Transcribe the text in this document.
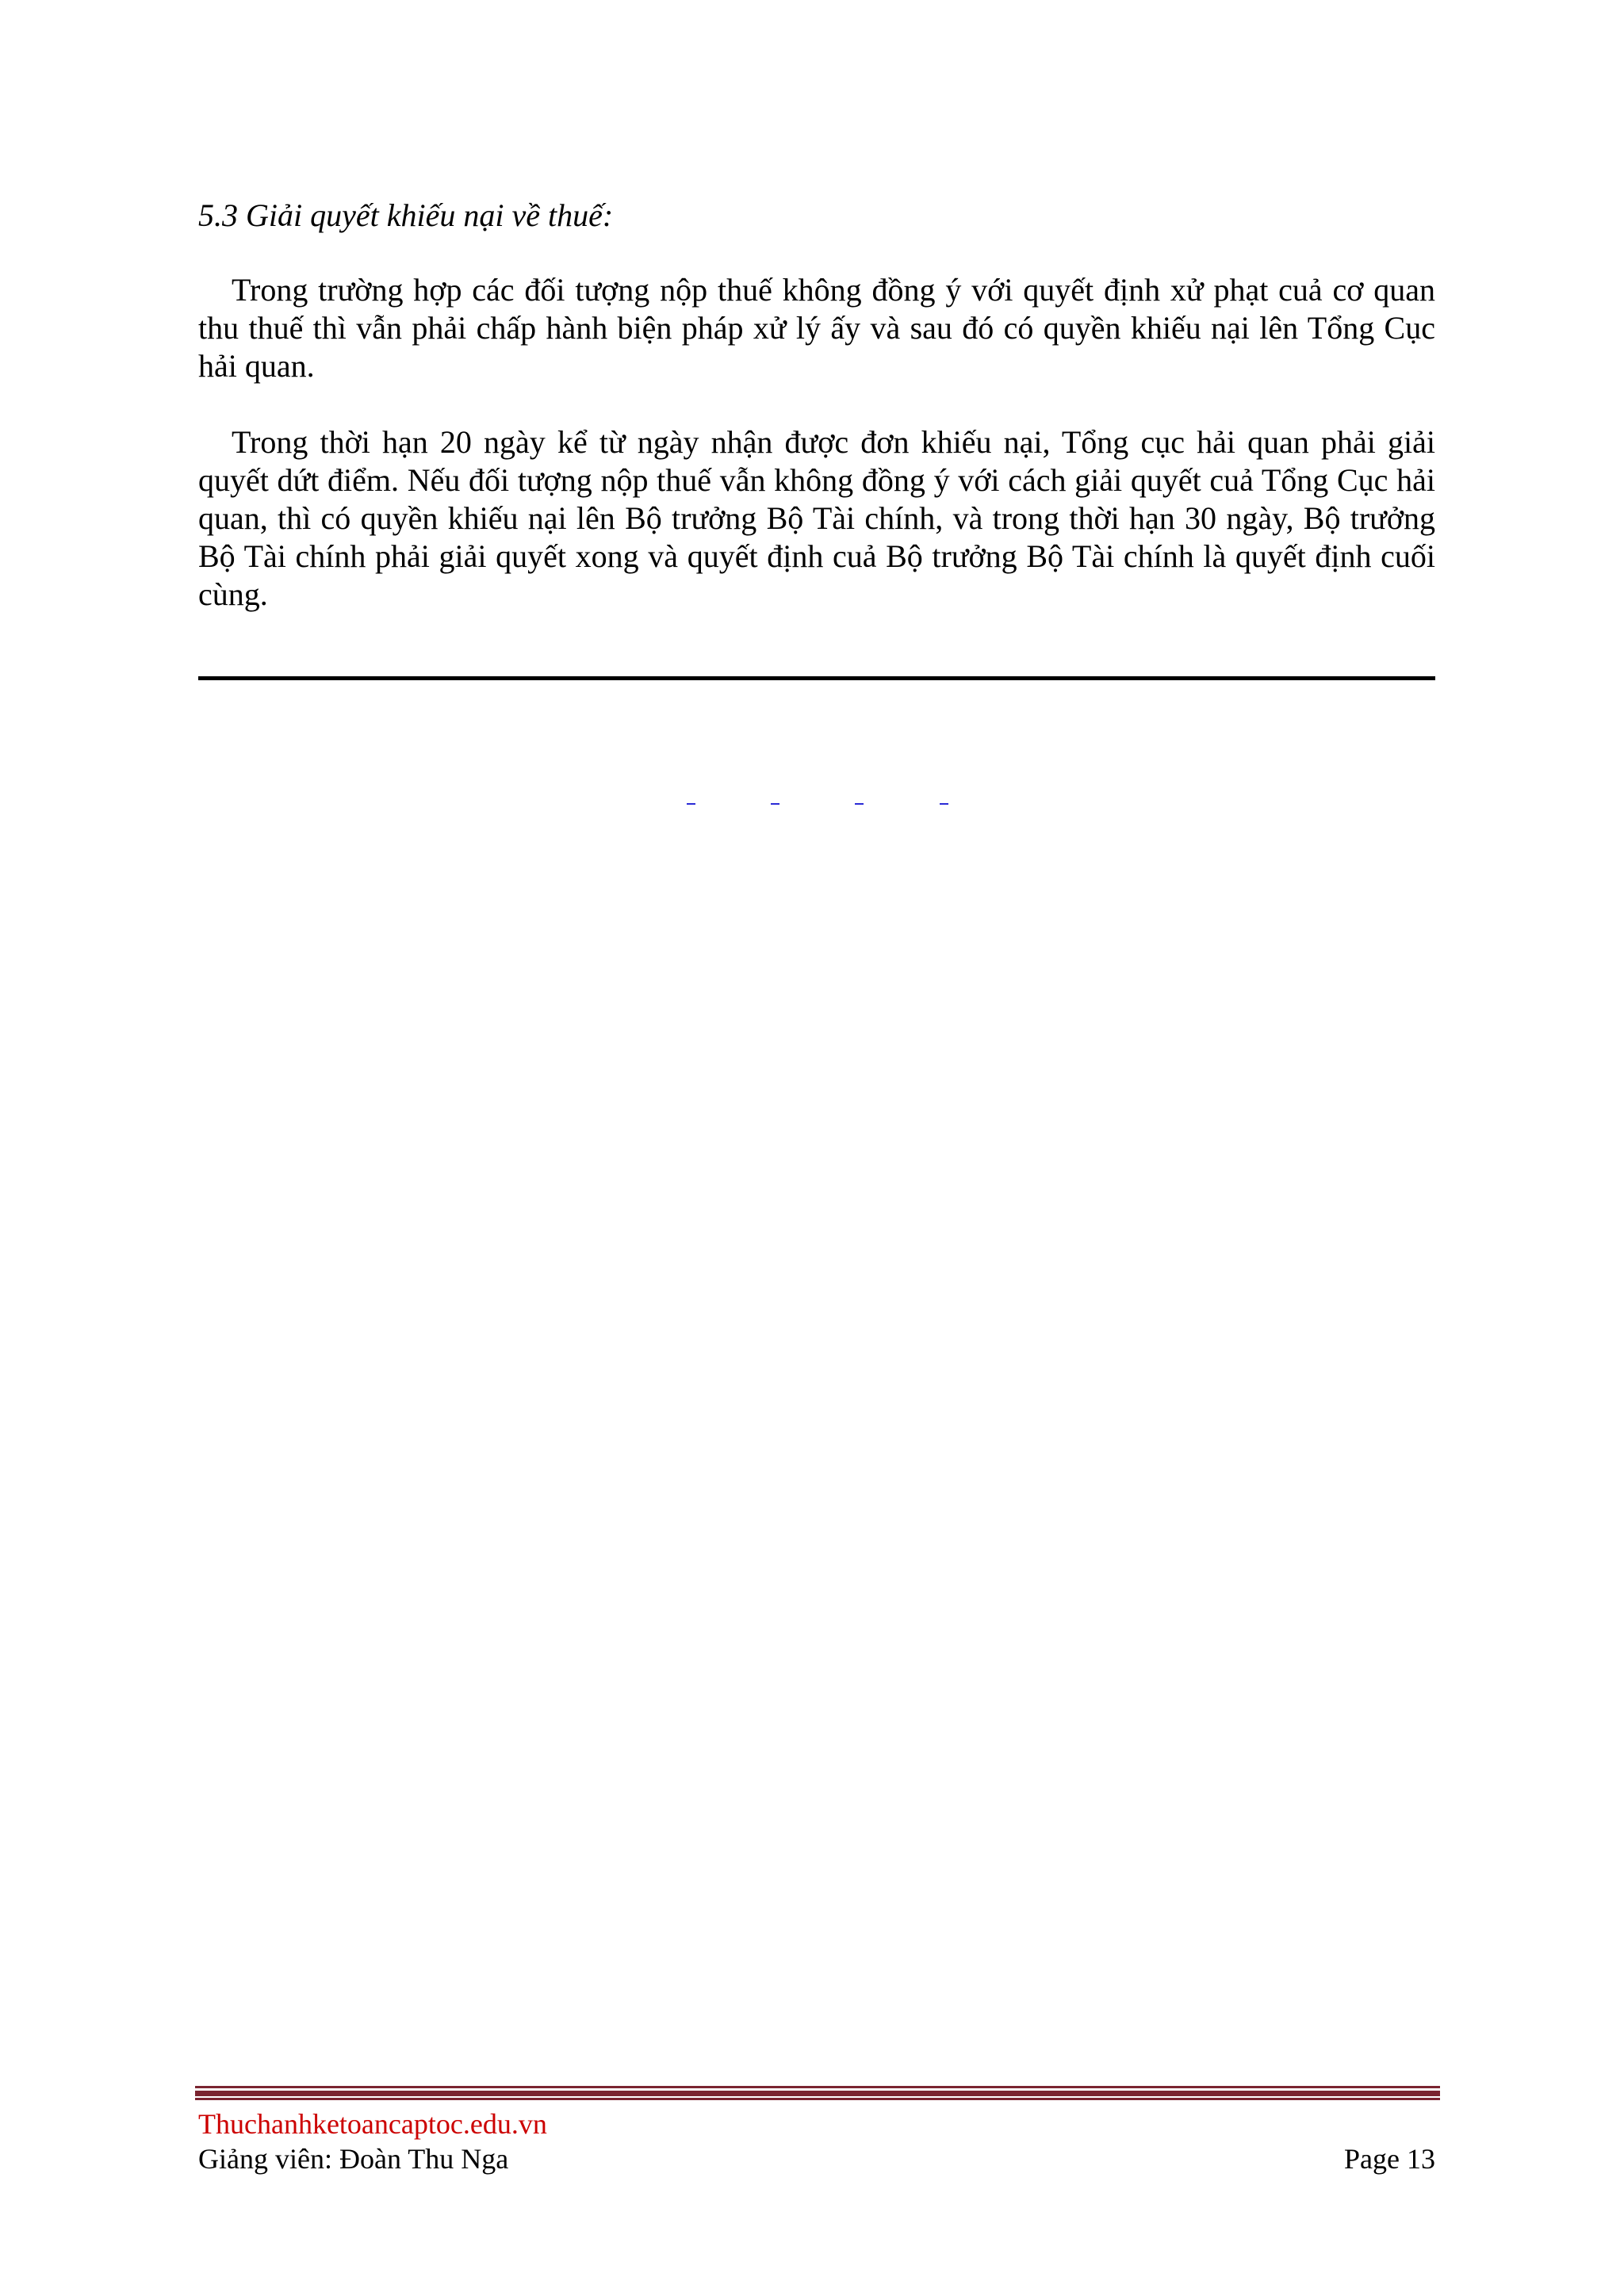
5.3 Giải quyết khiếu nại về thuế:

Trong trường hợp các đối tượng nộp thuế không đồng ý với quyết định xử phạt cuả cơ quan thu thuế thì vẫn phải chấp hành biện pháp xử lý ấy và sau đó có quyền khiếu nại lên Tổng Cục hải quan.

Trong thời hạn 20 ngày kể từ ngày nhận được đơn khiếu nại, Tổng cục hải quan phải giải quyết dứt điểm. Nếu đối tượng nộp thuế vẫn không đồng ý với cách giải quyết cuả Tổng Cục hải quan, thì có quyền khiếu nại lên Bộ trưởng Bộ Tài chính, và trong thời hạn 30 ngày, Bộ trưởng Bộ Tài chính phải giải quyết xong và quyết định cuả Bộ trưởng Bộ Tài chính là quyết định cuối cùng.

Thuchanhketoancaptoc.edu.vn
Giảng viên: Đoàn Thu Nga	Page 13
